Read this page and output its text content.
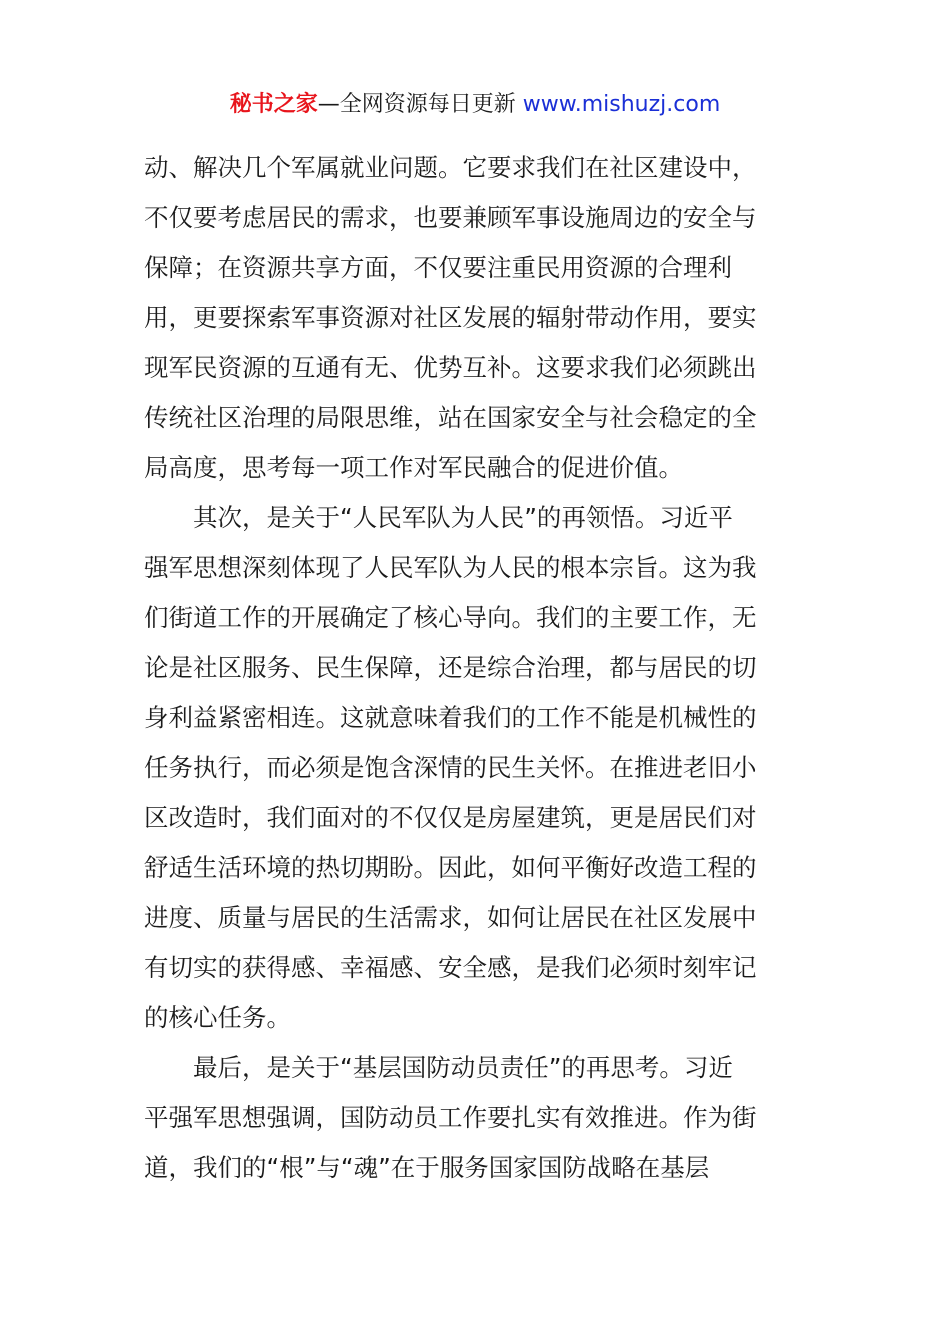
秘书之家—全网资源每日更新 www.mishuzj.com
动、解决几个军属就业问题。它要求我们在社区建设中，
不仅要考虑居民的需求，也要兼顾军事设施周边的安全与
保障；在资源共享方面，不仅要注重民用资源的合理利
用，更要探索军事资源对社区发展的辐射带动作用，要实
现军民资源的互通有无、优势互补。这要求我们必须跳出
传统社区治理的局限思维，站在国家安全与社会稳定的全
局高度，思考每一项工作对军民融合的促进价值。
其次，是关于“人民军队为人民”的再领悟。习近平
强军思想深刻体现了人民军队为人民的根本宗旨。这为我
们街道工作的开展确定了核心导向。我们的主要工作，无
论是社区服务、民生保障，还是综合治理，都与居民的切
身利益紧密相连。这就意味着我们的工作不能是机械性的
任务执行，而必须是饱含深情的民生关怀。在推进老旧小
区改造时，我们面对的不仅仅是房屋建筑，更是居民们对
舒适生活环境的热切期盼。因此，如何平衡好改造工程的
进度、质量与居民的生活需求，如何让居民在社区发展中
有切实的获得感、幸福感、安全感，是我们必须时刻牢记
的核心任务。
最后，是关于“基层国防动员责任”的再思考。习近
平强军思想强调，国防动员工作要扎实有效推进。作为街
道，我们的“根”与“魂”在于服务国家国防战略在基层
